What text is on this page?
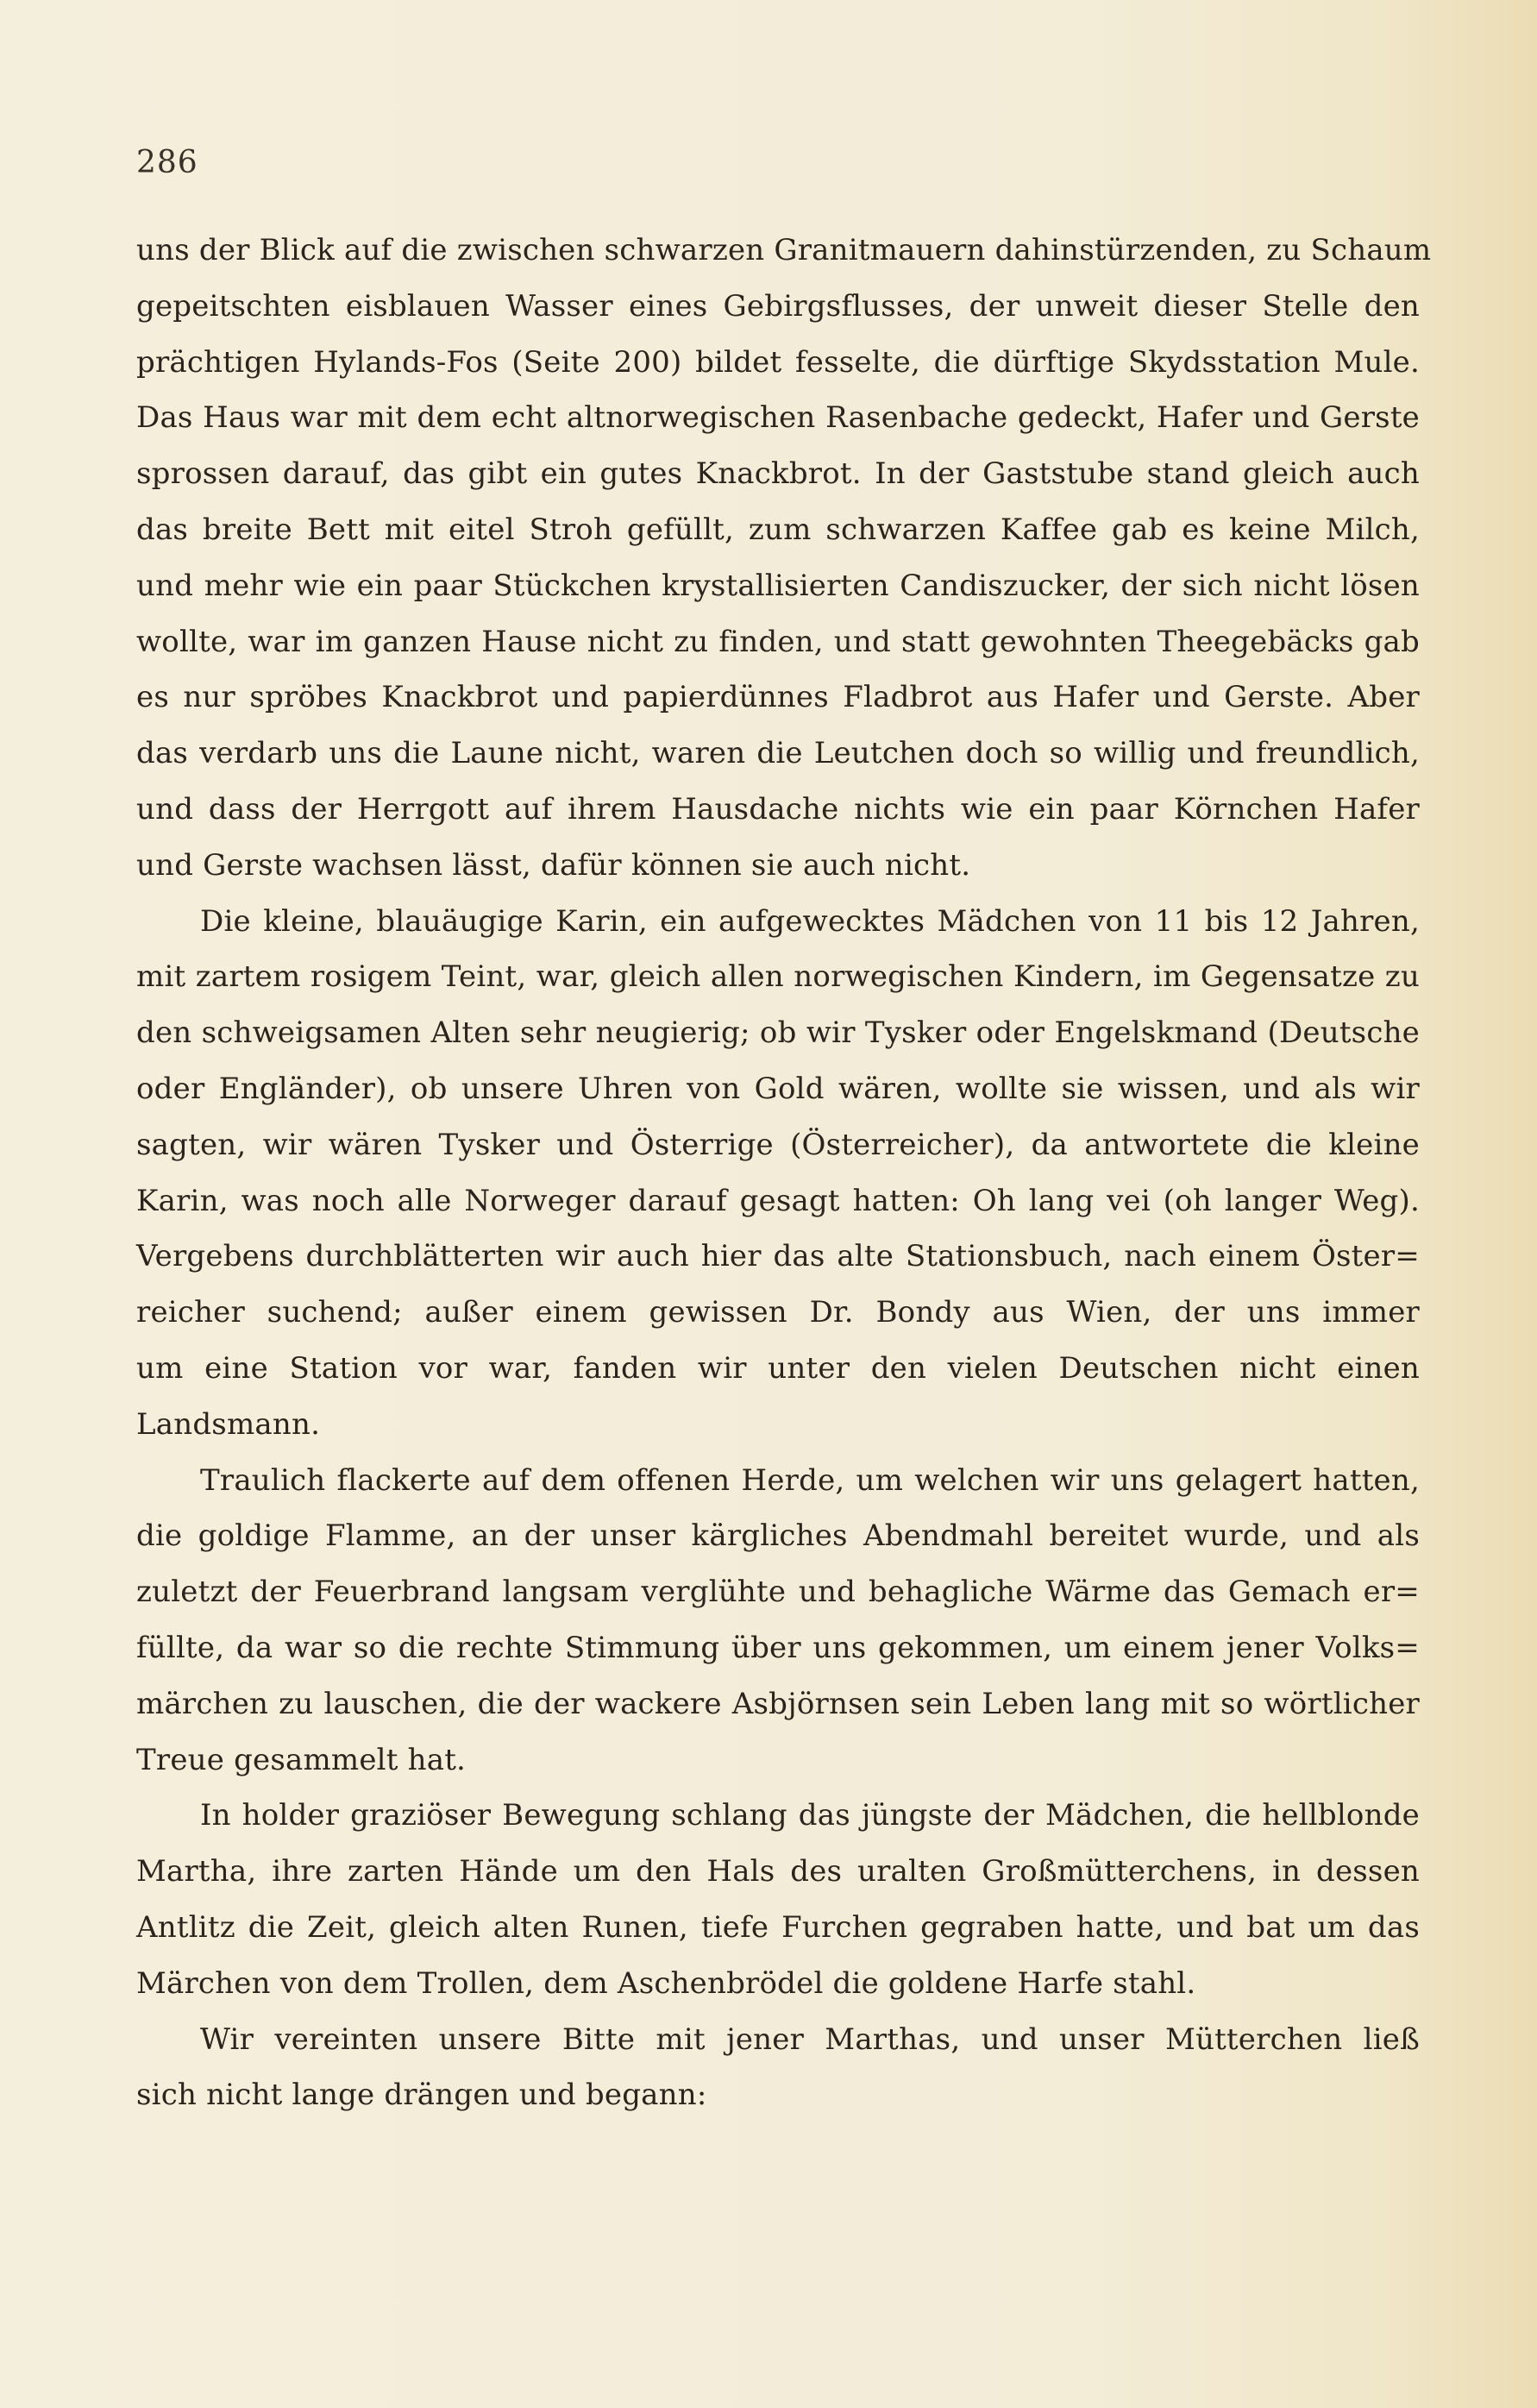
286

uns der Blick auf die zwischen schwarzen Granitmauern dahinstürzenden, zu Schaum

gepeitschten eisblauen Wasser eines Gebirgsflusses, der unweit dieser Stelle den

prächtigen Hylands-Fos (Seite 200) bildet fesselte, die dürftige Skydsstation Mule.

Das Haus war mit dem echt altnorwegischen Rasenbache gedeckt, Hafer und Gerste

sprossen darauf, das gibt ein gutes Knackbrot. In der Gaststube stand gleich auch

das breite Bett mit eitel Stroh gefüllt, zum schwarzen Kaffee gab es keine Milch,

und mehr wie ein paar Stückchen krystallisierten Candiszucker, der sich nicht lösen

wollte, war im ganzen Hause nicht zu finden, und statt gewohnten Theegebäcks gab

es nur spröbes Knackbrot und papierdünnes Fladbrot aus Hafer und Gerste. Aber

das verdarb uns die Laune nicht, waren die Leutchen doch so willig und freundlich,

und dass der Herrgott auf ihrem Hausdache nichts wie ein paar Körnchen Hafer

und Gerste wachsen lässt, dafür können sie auch nicht.

Die kleine, blauäugige Karin, ein aufgewecktes Mädchen von 11 bis 12 Jahren,

mit zartem rosigem Teint, war, gleich allen norwegischen Kindern, im Gegensatze zu

den schweigsamen Alten sehr neugierig; ob wir Tysker oder Engelskmand (Deutsche

oder Engländer), ob unsere Uhren von Gold wären, wollte sie wissen, und als wir

sagten, wir wären Tysker und Österrige (Österreicher), da antwortete die kleine

Karin, was noch alle Norweger darauf gesagt hatten: Oh lang vei (oh langer Weg).

Vergebens durchblätterten wir auch hier das alte Stationsbuch, nach einem Öster=

reicher suchend; außer einem gewissen Dr. Bondy aus Wien, der uns immer

um eine Station vor war, fanden wir unter den vielen Deutschen nicht einen

Landsmann.

Traulich flackerte auf dem offenen Herde, um welchen wir uns gelagert hatten,

die goldige Flamme, an der unser kärgliches Abendmahl bereitet wurde, und als

zuletzt der Feuerbrand langsam verglühte und behagliche Wärme das Gemach er=

füllte, da war so die rechte Stimmung über uns gekommen, um einem jener Volks=

märchen zu lauschen, die der wackere Asbjörnsen sein Leben lang mit so wörtlicher

Treue gesammelt hat.

In holder graziöser Bewegung schlang das jüngste der Mädchen, die hellblonde

Martha, ihre zarten Hände um den Hals des uralten Großmütterchens, in dessen

Antlitz die Zeit, gleich alten Runen, tiefe Furchen gegraben hatte, und bat um das

Märchen von dem Trollen, dem Aschenbrödel die goldene Harfe stahl.

Wir vereinten unsere Bitte mit jener Marthas, und unser Mütterchen ließ

sich nicht lange drängen und begann:
